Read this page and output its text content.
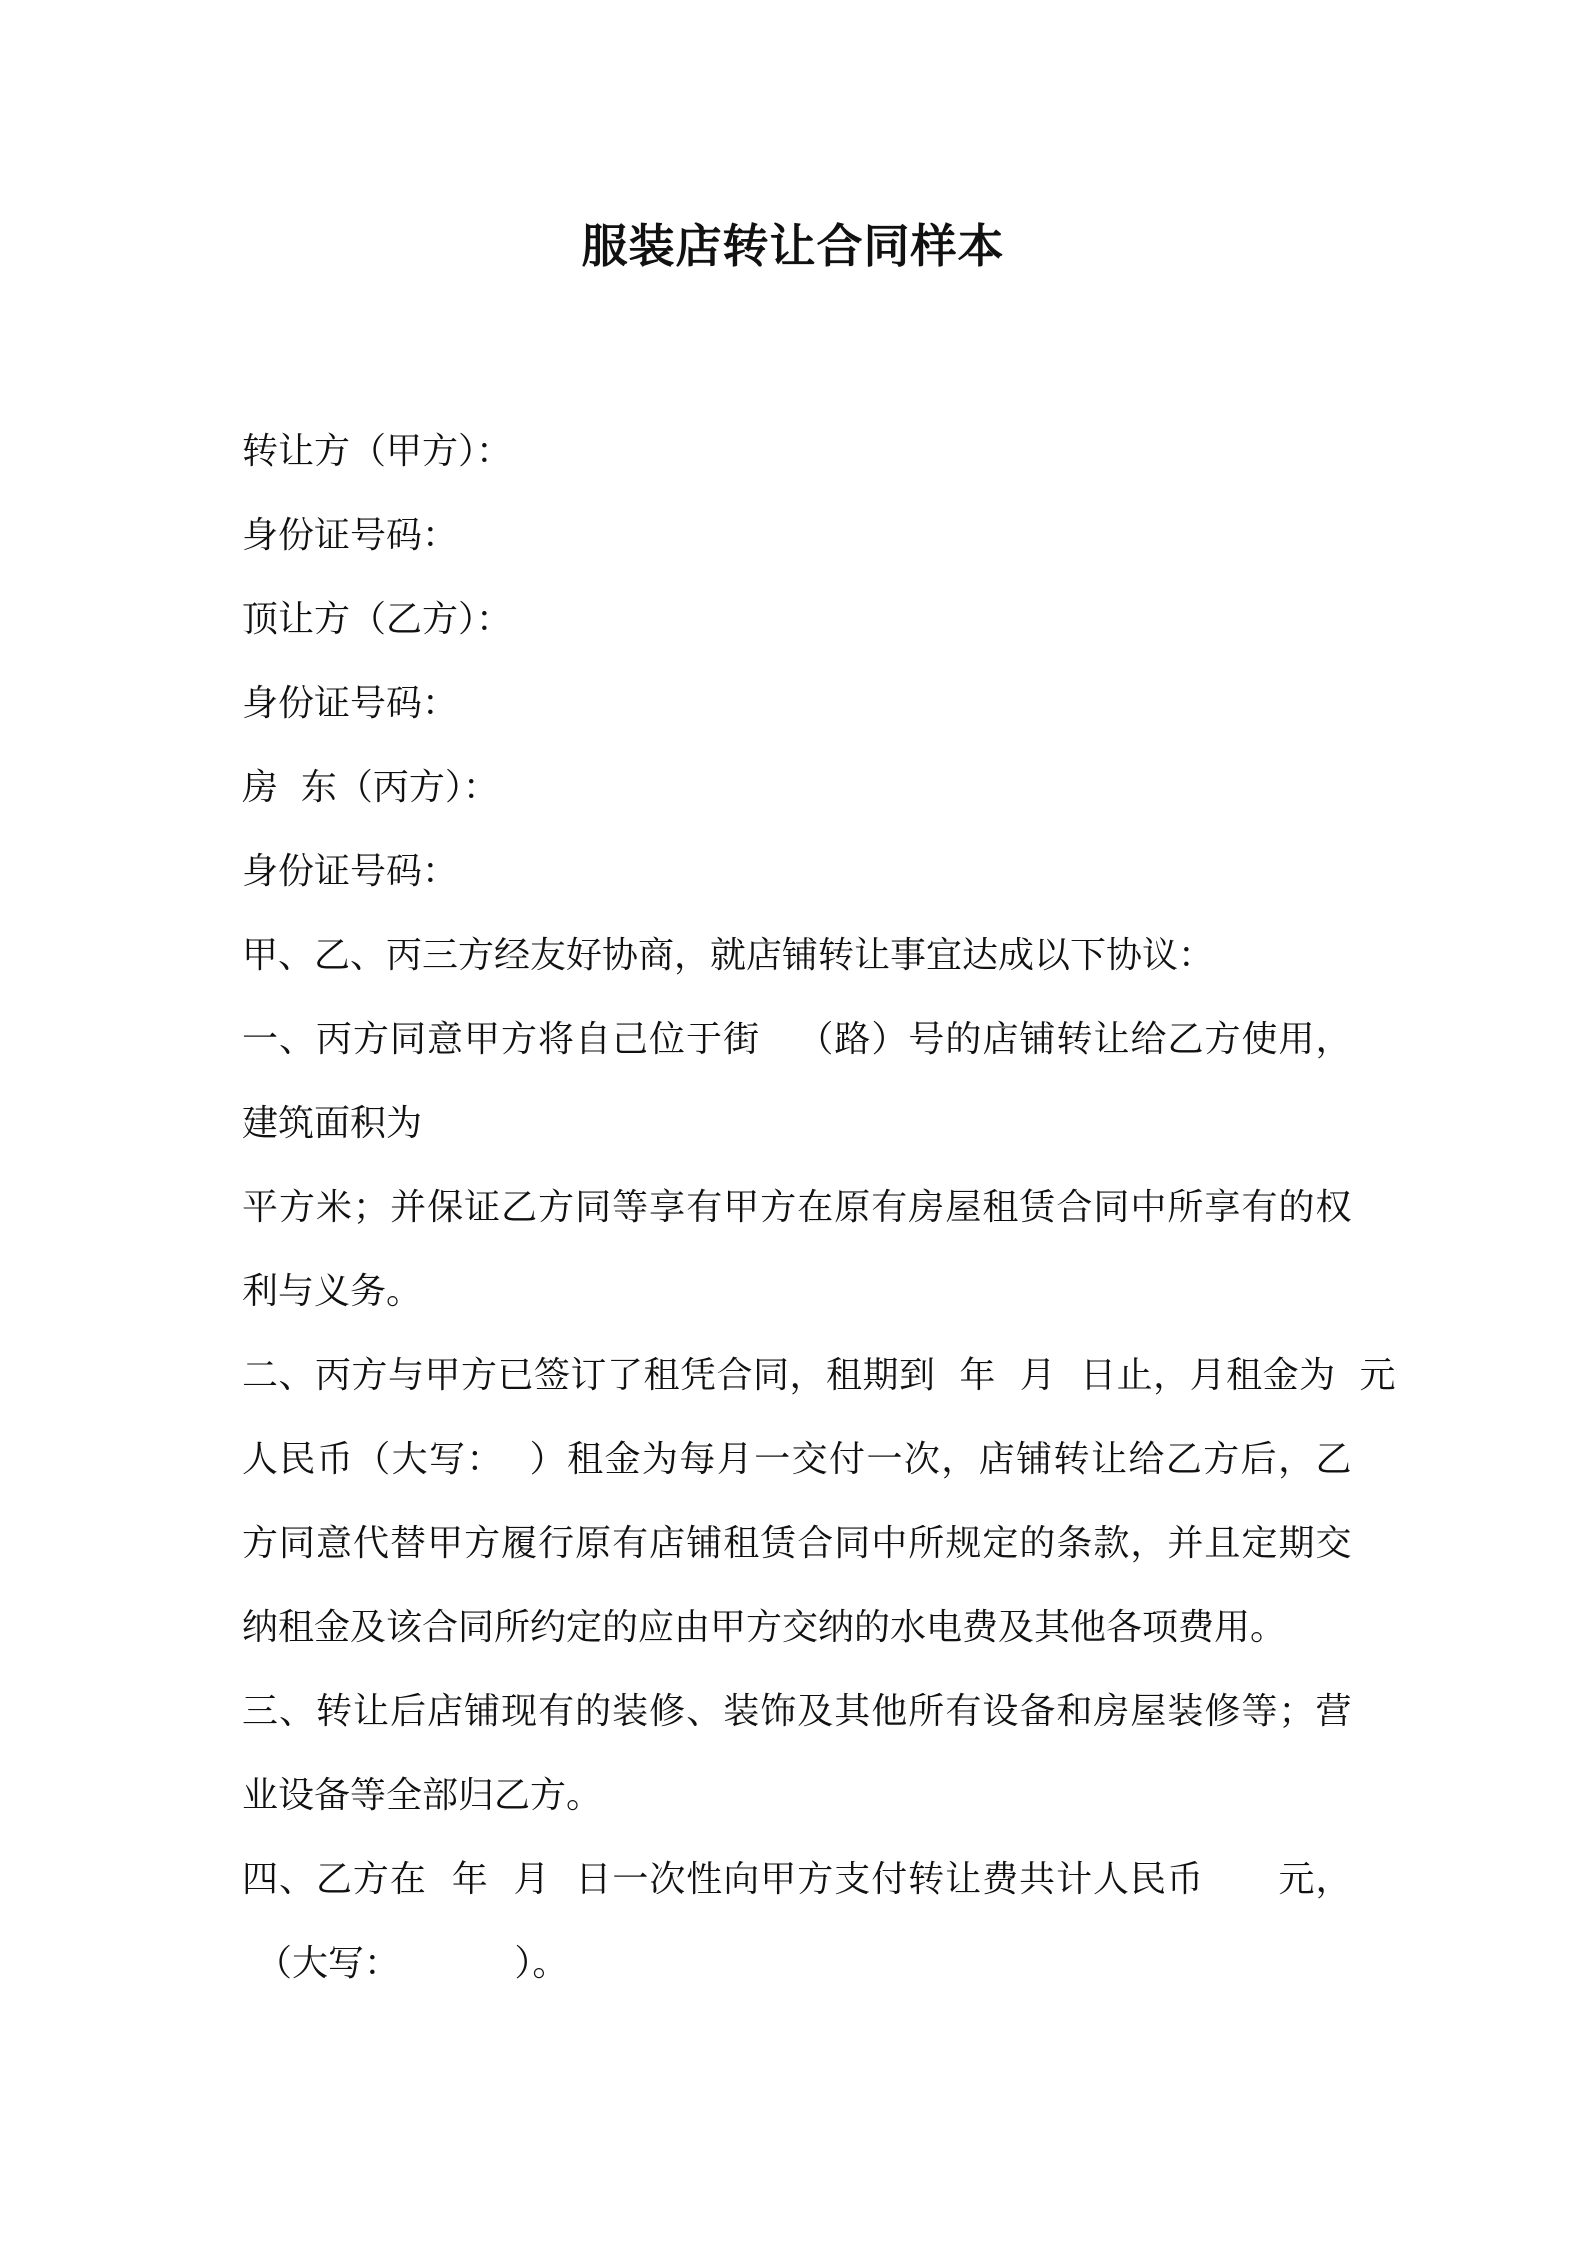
服装店转让合同样本
转让方（甲方）：
身份证号码：
顶让方（乙方）：
身份证号码：
房  东（丙方）：
身份证号码：
甲、乙、丙三方经友好协商，就店铺转让事宜达成以下协议：
一、丙方同意甲方将自己位于街   （路）号的店铺转让给乙方使用，
建筑面积为
平方米；并保证乙方同等享有甲方在原有房屋租赁合同中所享有的权
利与义务。
二、丙方与甲方已签订了租凭合同，租期到  年  月  日止，月租金为  元
人民币（大写：  ）租金为每月一交付一次，店铺转让给乙方后，乙
方同意代替甲方履行原有店铺租赁合同中所规定的条款，并且定期交
纳租金及该合同所约定的应由甲方交纳的水电费及其他各项费用。
三、转让后店铺现有的装修、装饰及其他所有设备和房屋装修等；营
业设备等全部归乙方。
四、乙方在  年  月  日一次性向甲方支付转让费共计人民币      元，
（大写：          ）。
